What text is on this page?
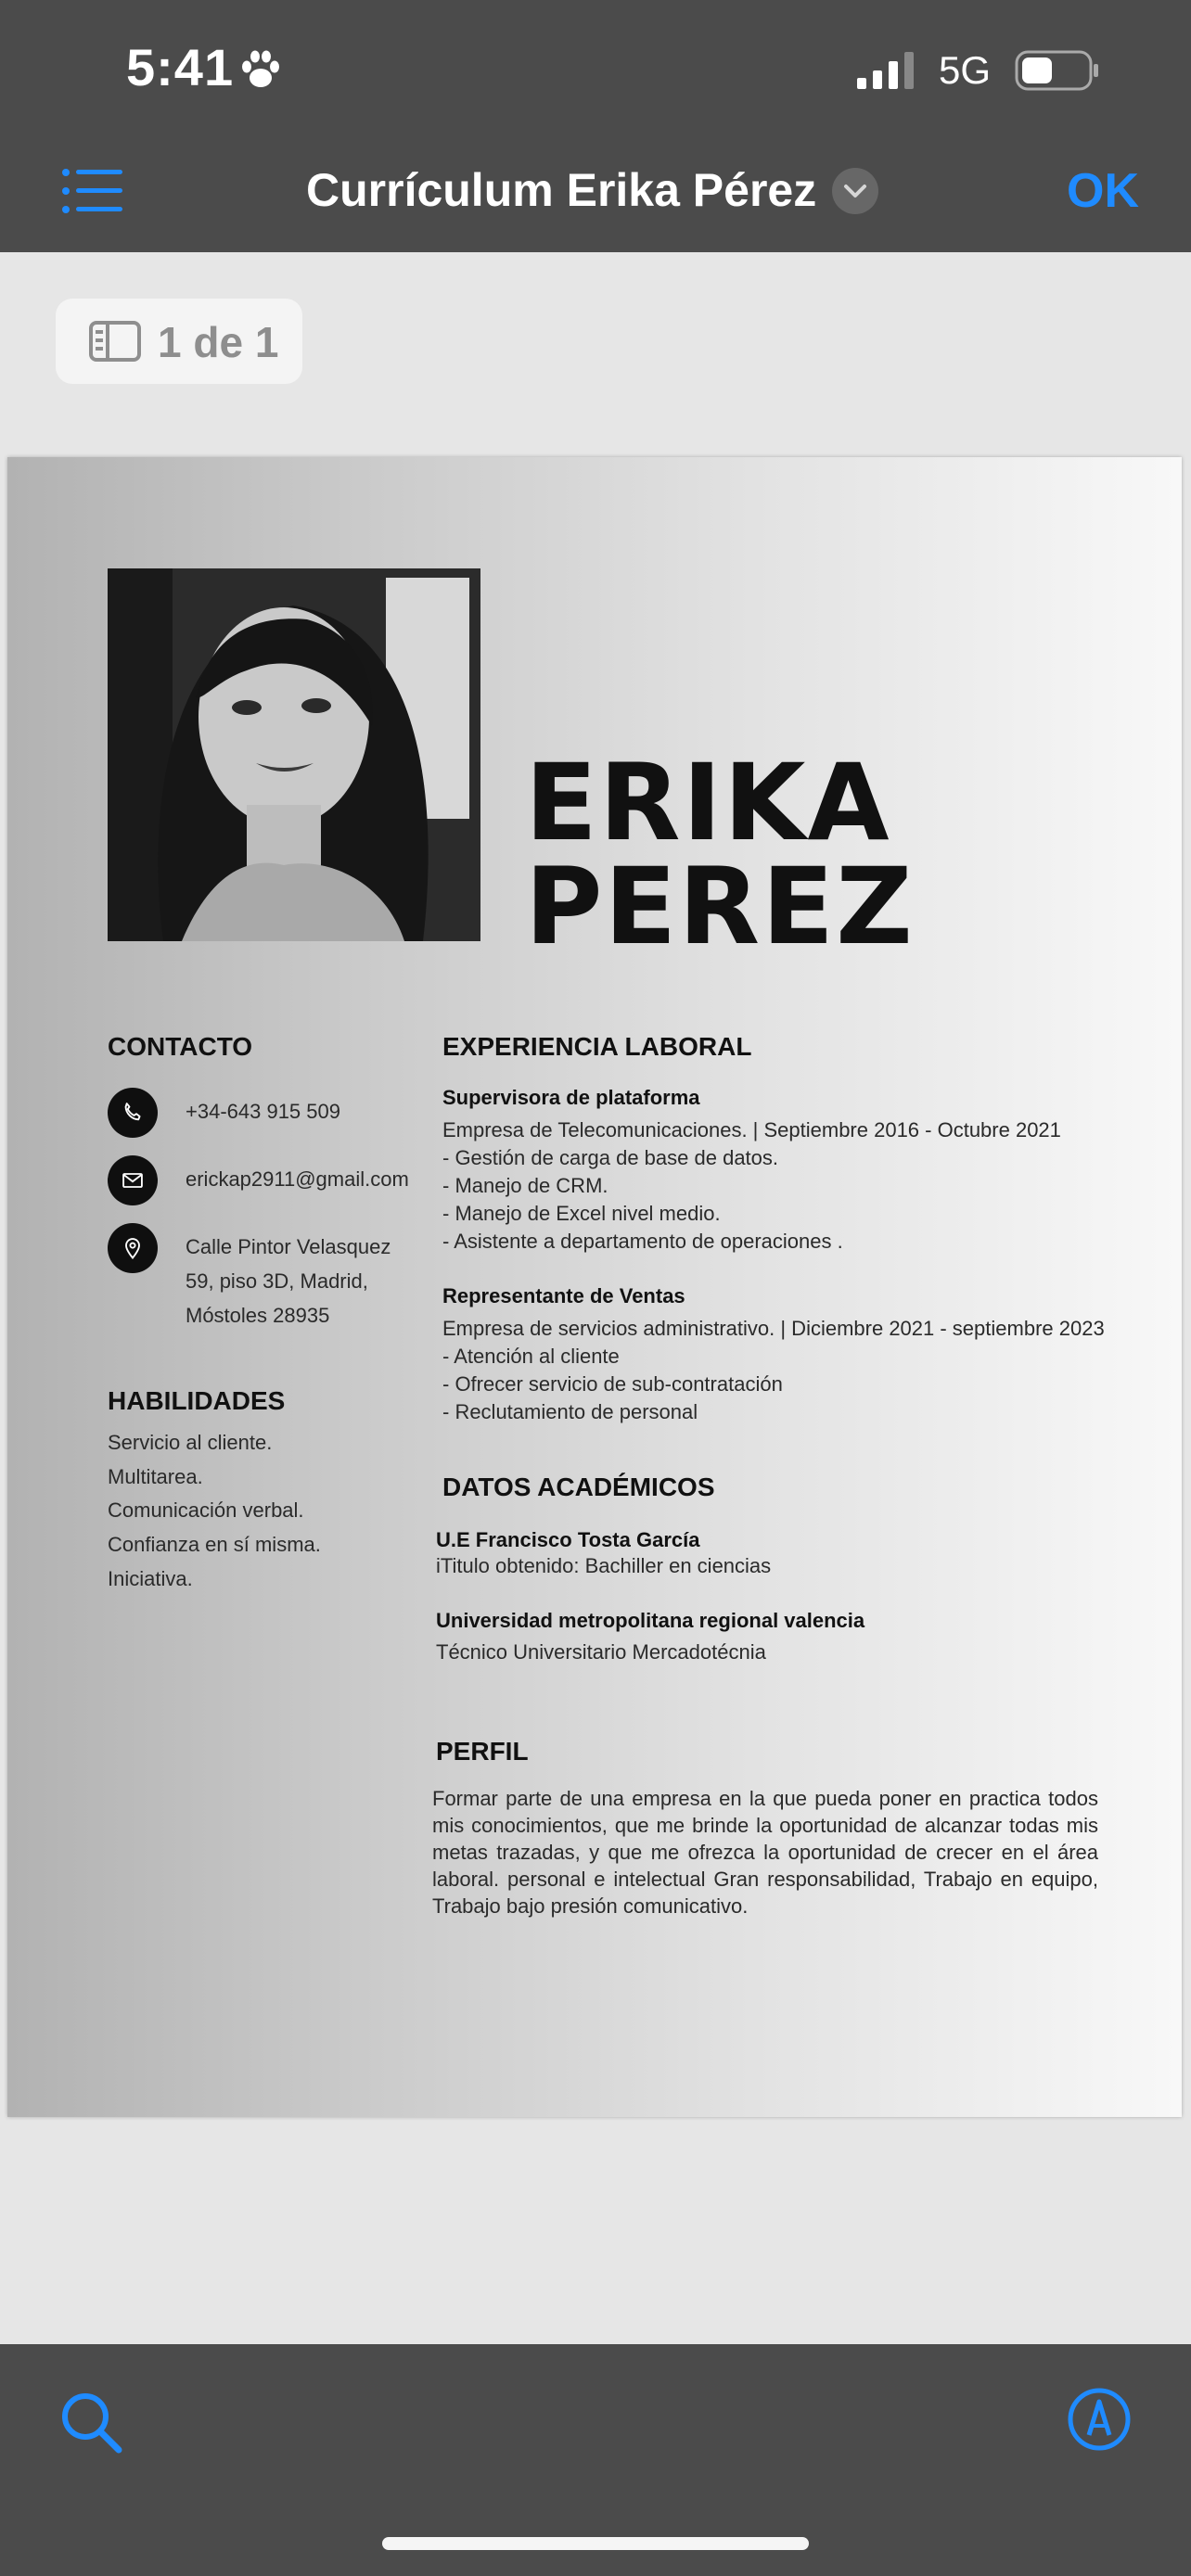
5:41	5G
Currículum Erika Pérez	OK
1 de 1
ERIKA
PEREZ
CONTACTO
+34-643 915 509
erickap2911@gmail.com
Calle Pintor Velasquez
59, piso 3D, Madrid,
Móstoles 28935
HABILIDADES
Servicio al cliente.
Multitarea.
Comunicación verbal.
Confianza en sí misma.
Iniciativa.
EXPERIENCIA LABORAL
Supervisora de plataforma
Empresa de Telecomunicaciones. | Septiembre 2016 - Octubre 2021
- Gestión de carga de base de datos.
- Manejo de CRM.
- Manejo de Excel nivel medio.
- Asistente a departamento de operaciones .
Representante de Ventas
Empresa de servicios administrativo. | Diciembre 2021 - septiembre 2023
- Atención al cliente
- Ofrecer servicio de sub-contratación
- Reclutamiento de personal
DATOS ACADÉMICOS
U.E Francisco Tosta García
iTitulo obtenido: Bachiller en ciencias
Universidad metropolitana regional valencia
Técnico Universitario Mercadotécnia
PERFIL
Formar parte de una empresa en la que pueda poner en practica todos mis conocimientos, que me brinde la oportunidad de alcanzar todas mis metas trazadas, y que me ofrezca la oportunidad de crecer en el área laboral. personal e intelectual Gran responsabilidad, Trabajo en equipo, Trabajo bajo presión comunicativo.
